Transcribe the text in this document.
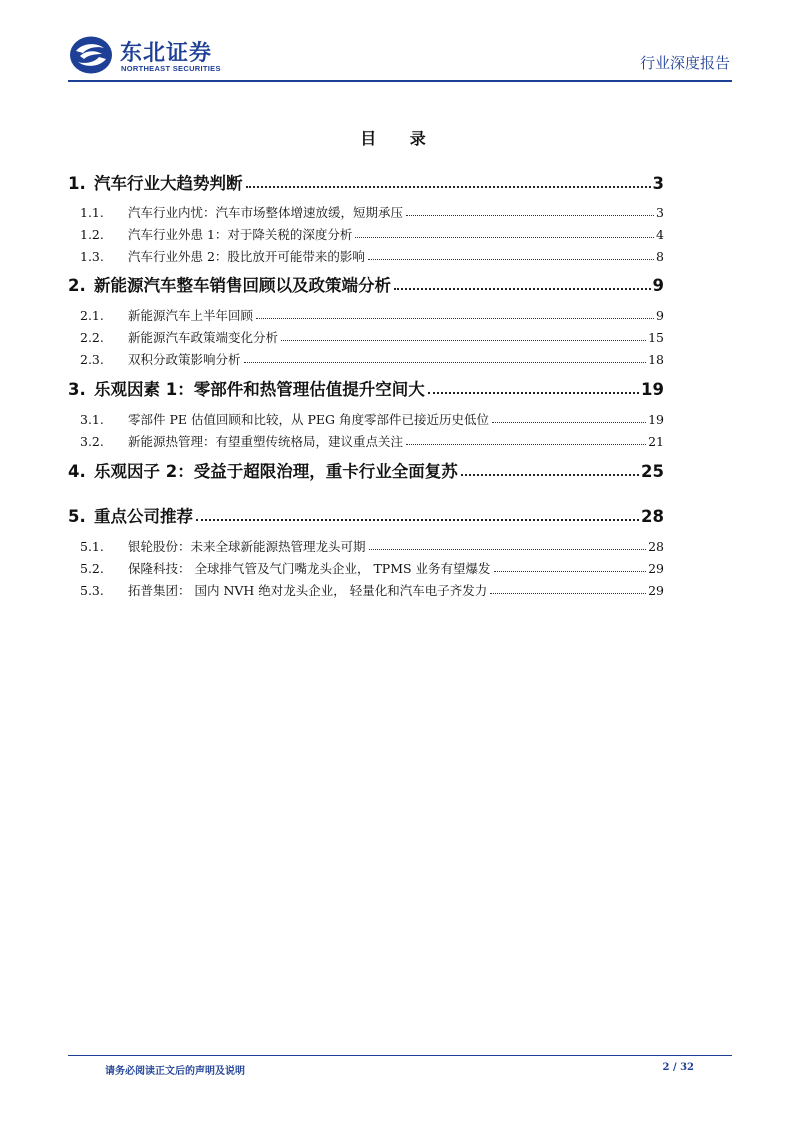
东北证券
NORTHEAST SECURITIES	行业深度报告
目 录
1. 汽车行业大趋势判断	3
1.1.	汽车行业内忧：汽车市场整体增速放缓，短期承压	3
1.2.	汽车行业外患 1：对于降关税的深度分析	4
1.3.	汽车行业外患 2：股比放开可能带来的影响	8
2. 新能源汽车整车销售回顾以及政策端分析	9
2.1.	新能源汽车上半年回顾	9
2.2.	新能源汽车政策端变化分析	15
2.3.	双积分政策影响分析	18
3. 乐观因素 1：零部件和热管理估值提升空间大	19
3.1.	零部件 PE 估值回顾和比较，从 PEG 角度零部件已接近历史低位	19
3.2.	新能源热管理：有望重塑传统格局，建议重点关注	21
4. 乐观因子 2：受益于超限治理，重卡行业全面复苏	25
5. 重点公司推荐	28
5.1.	银轮股份：未来全球新能源热管理龙头可期	28
5.2.	保隆科技： 全球排气管及气门嘴龙头企业， TPMS 业务有望爆发	29
5.3.	拓普集团： 国内 NVH 绝对龙头企业， 轻量化和汽车电子齐发力	29
请务必阅读正文后的声明及说明	2 / 32
